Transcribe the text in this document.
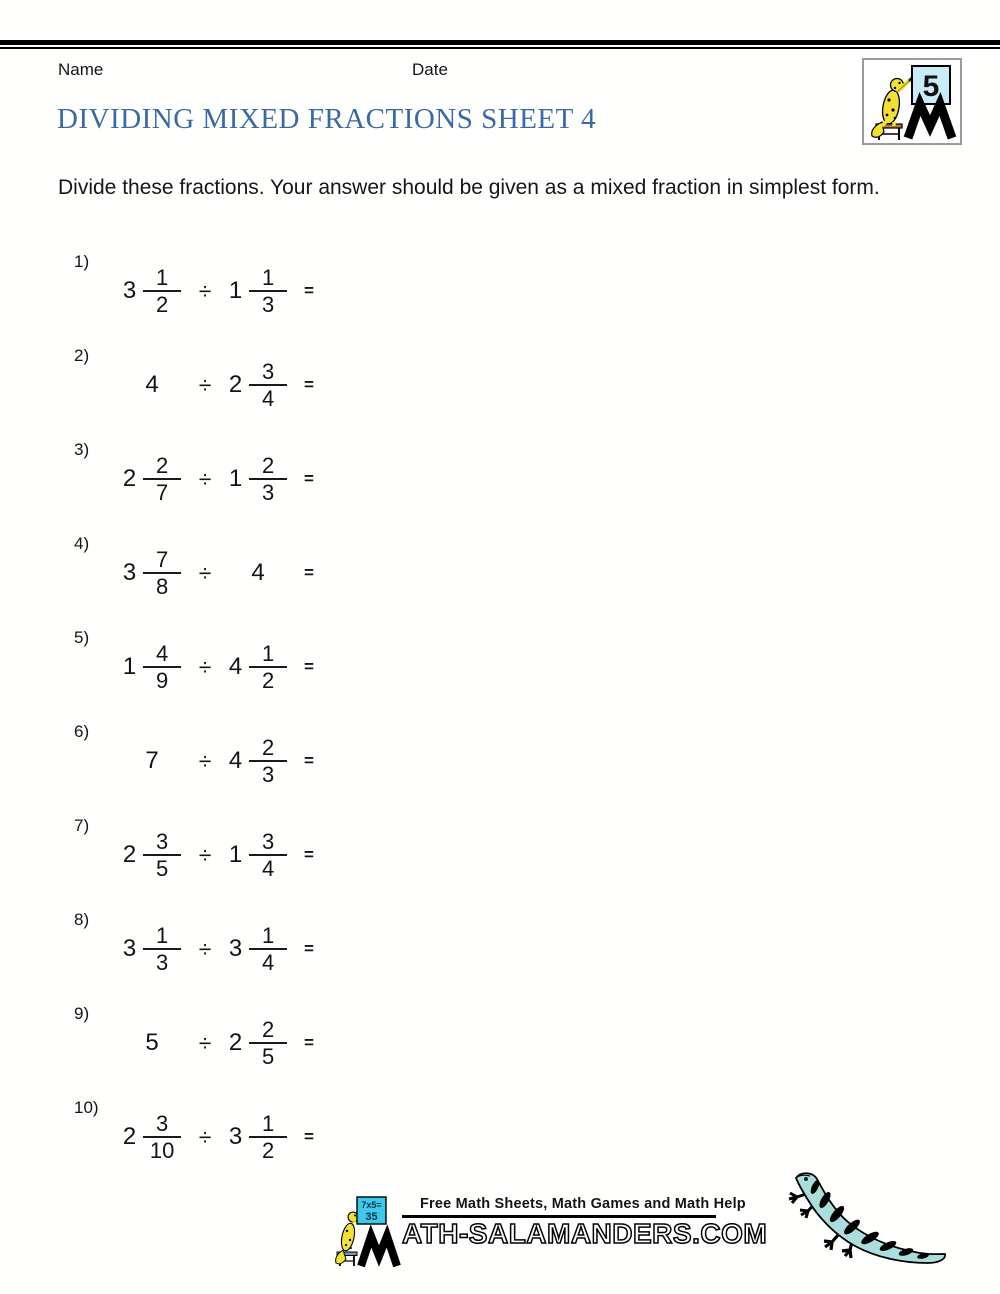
Name	Date
5
DIVIDING MIXED FRACTIONS SHEET 4

Divide these fractions. Your answer should be given as a mixed fraction in simplest form.

1)
$3 \frac{1}{2} \div 1 \frac{1}{3}$ =
2)
$4 \div 2 \frac{3}{4}$ =
3)
$2 \frac{2}{7} \div 1 \frac{2}{3}$ =
4)
$3 \frac{7}{8} \div 4$ =
5)
$1 \frac{4}{9} \div 4 \frac{1}{2}$ =
6)
$7 \div 4 \frac{2}{3}$ =
7)
$2 \frac{3}{5} \div 1 \frac{3}{4}$ =
8)
$3 \frac{1}{3} \div 3 \frac{1}{4}$ =
9)
$5 \div 2 \frac{2}{5}$ =
10)
$2 \frac{3}{10} \div 3 \frac{1}{2}$ =
7x5=
35
Free Math Sheets, Math Games and Math Help
ATH-SALAMANDERS.COM
